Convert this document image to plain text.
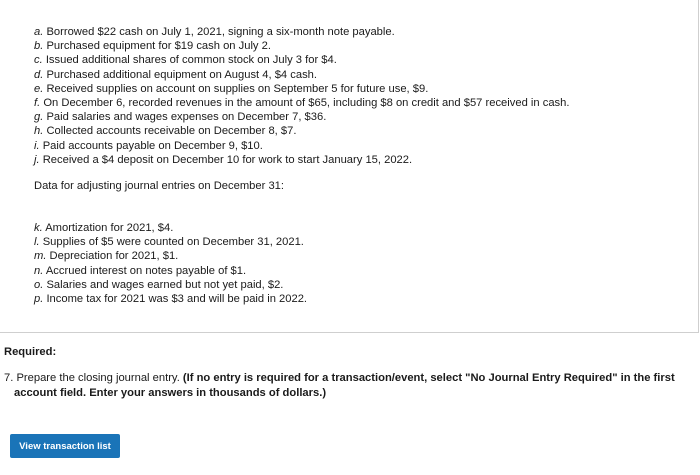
a. Borrowed $22 cash on July 1, 2021, signing a six-month note payable.
b. Purchased equipment for $19 cash on July 2.
c. Issued additional shares of common stock on July 3 for $4.
d. Purchased additional equipment on August 4, $4 cash.
e. Received supplies on account on supplies on September 5 for future use, $9.
f. On December 6, recorded revenues in the amount of $65, including $8 on credit and $57 received in cash.
g. Paid salaries and wages expenses on December 7, $36.
h. Collected accounts receivable on December 8, $7.
i. Paid accounts payable on December 9, $10.
j. Received a $4 deposit on December 10 for work to start January 15, 2022.

Data for adjusting journal entries on December 31:

k. Amortization for 2021, $4.
l. Supplies of $5 were counted on December 31, 2021.
m. Depreciation for 2021, $1.
n. Accrued interest on notes payable of $1.
o. Salaries and wages earned but not yet paid, $2.
p. Income tax for 2021 was $3 and will be paid in 2022.

Required:

7. Prepare the closing journal entry. (If no entry is required for a transaction/event, select "No Journal Entry Required" in the first
account field. Enter your answers in thousands of dollars.)

View transaction list
